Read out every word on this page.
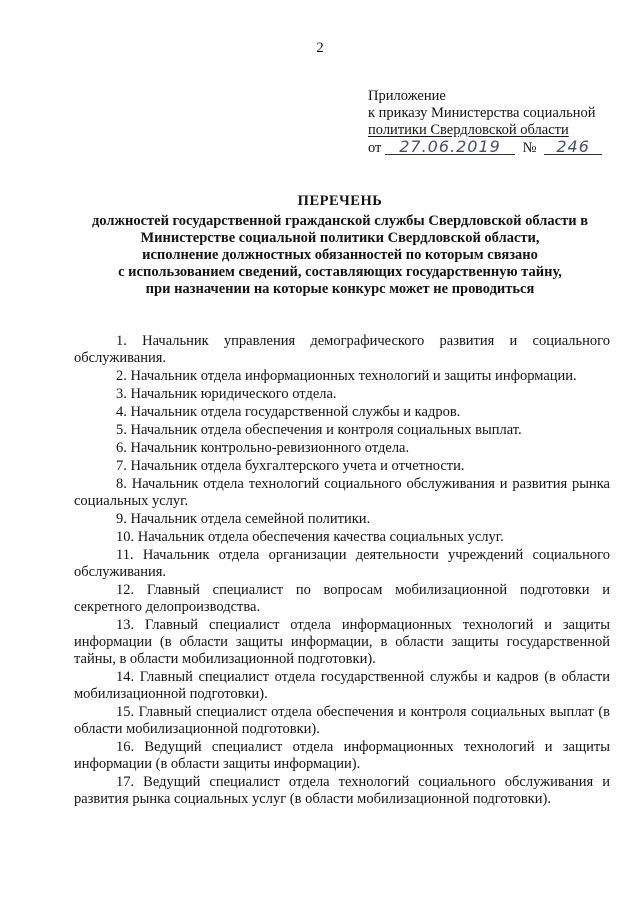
2
Приложение
к приказу Министерства социальной
политики Свердловской области
от 27.06.2019 № 246
ПЕРЕЧЕНЬ
должностей государственной гражданской службы Свердловской области в
Министерстве социальной политики Свердловской области,
исполнение должностных обязанностей по которым связано
с использованием сведений, составляющих государственную тайну,
при назначении на которые конкурс может не проводиться

1. Начальник управления демографического развития и социального обслуживания.

2. Начальник отдела информационных технологий и защиты информации.

3. Начальник юридического отдела.

4. Начальник отдела государственной службы и кадров.

5. Начальник отдела обеспечения и контроля социальных выплат.

6. Начальник контрольно-ревизионного отдела.

7. Начальник отдела бухгалтерского учета и отчетности.

8. Начальник отдела технологий социального обслуживания и развития рынка социальных услуг.

9. Начальник отдела семейной политики.

10. Начальник отдела обеспечения качества социальных услуг.

11. Начальник отдела организации деятельности учреждений социального обслуживания.

12. Главный специалист по вопросам мобилизационной подготовки и секретного делопроизводства.

13. Главный специалист отдела информационных технологий и защиты информации (в области защиты информации, в области защиты государственной тайны, в области мобилизационной подготовки).

14. Главный специалист отдела государственной службы и кадров (в области мобилизационной подготовки).

15. Главный специалист отдела обеспечения и контроля социальных выплат (в области мобилизационной подготовки).

16. Ведущий специалист отдела информационных технологий и защиты информации (в области защиты информации).

17. Ведущий специалист отдела технологий социального обслуживания и развития рынка социальных услуг (в области мобилизационной подготовки).
